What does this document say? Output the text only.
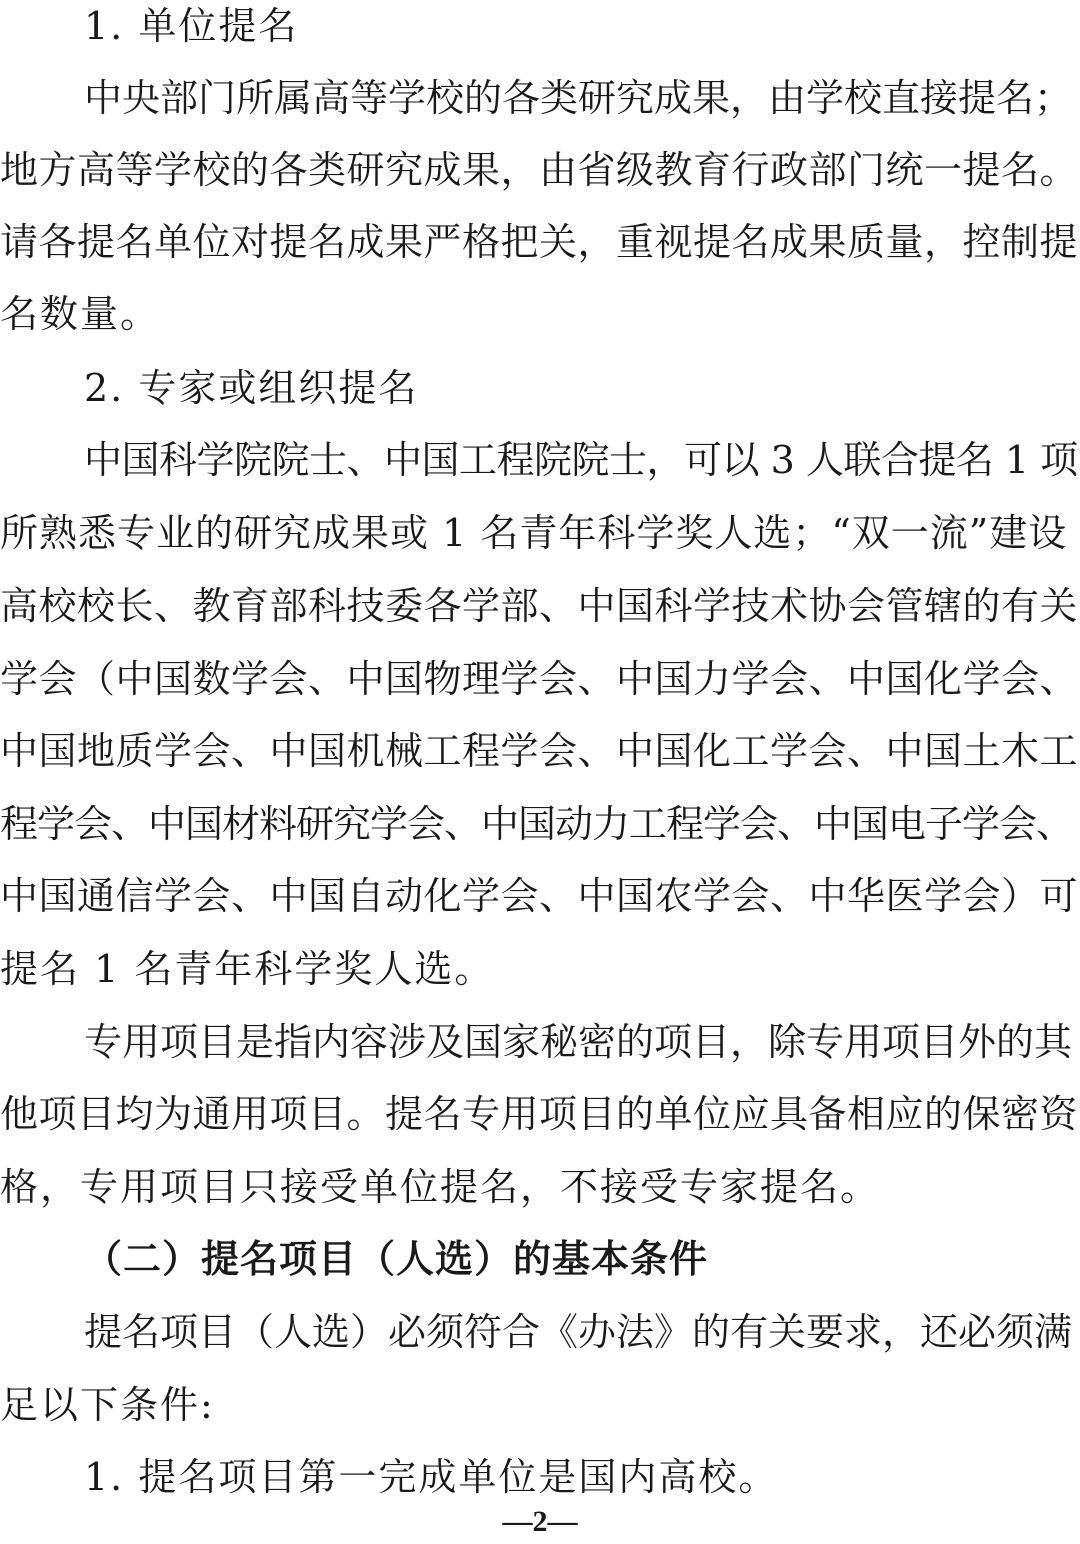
1. 单位提名
中央部门所属高等学校的各类研究成果，由学校直接提名；
地方高等学校的各类研究成果，由省级教育行政部门统一提名。
请各提名单位对提名成果严格把关，重视提名成果质量，控制提
名数量。
2. 专家或组织提名
中国科学院院士、中国工程院院士，可以 3 人联合提名 1 项
所熟悉专业的研究成果或 1 名青年科学奖人选；“双一流”建设
高校校长、教育部科技委各学部、中国科学技术协会管辖的有关
学会（中国数学会、中国物理学会、中国力学会、中国化学会、
中国地质学会、中国机械工程学会、中国化工学会、中国土木工
程学会、中国材料研究学会、中国动力工程学会、中国电子学会、
中国通信学会、中国自动化学会、中国农学会、中华医学会）可
提名 1 名青年科学奖人选。
专用项目是指内容涉及国家秘密的项目，除专用项目外的其
他项目均为通用项目。提名专用项目的单位应具备相应的保密资
格，专用项目只接受单位提名，不接受专家提名。
（二）提名项目（人选）的基本条件
提名项目（人选）必须符合《办法》的有关要求，还必须满
足以下条件:
1. 提名项目第一完成单位是国内高校。
—2—
